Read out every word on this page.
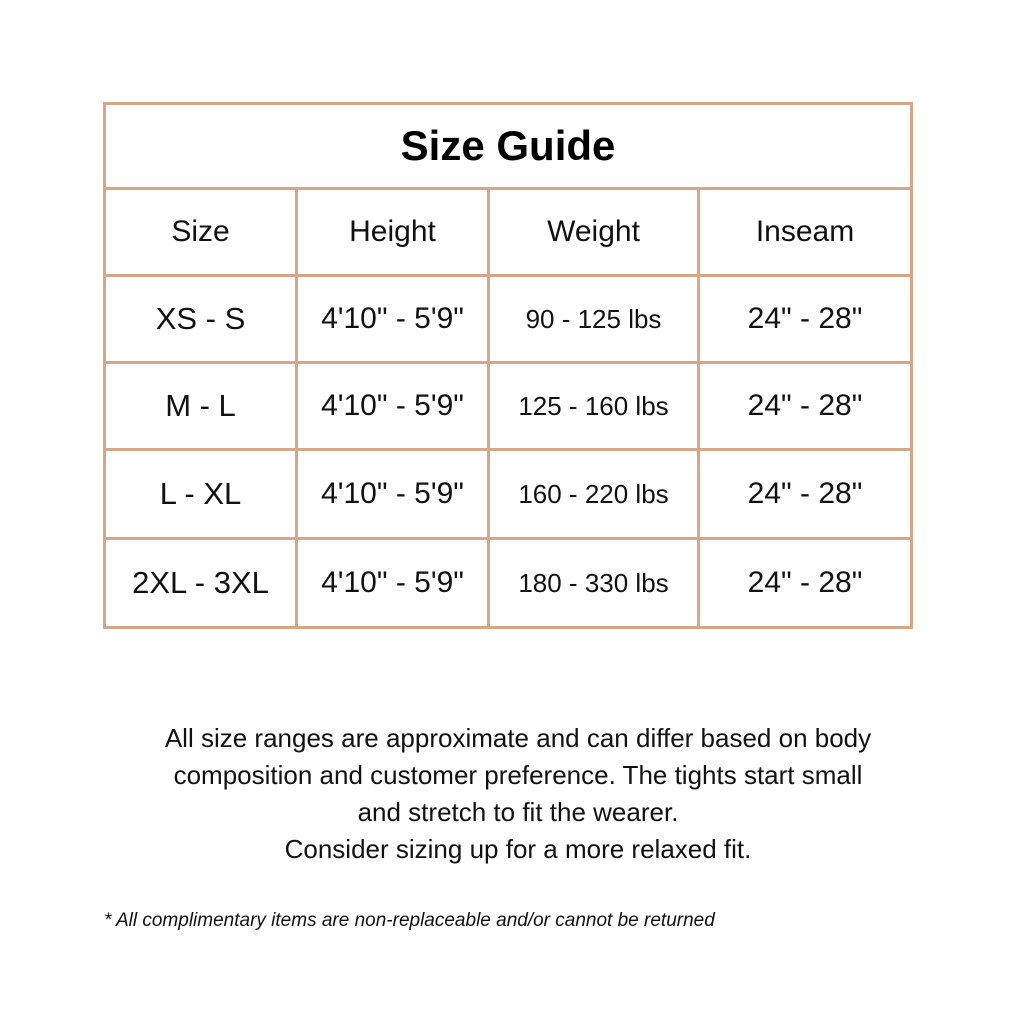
Size Guide			
Size	Height	Weight	Inseam
XS - S	4'10" - 5'9"	90 - 125 lbs	24" - 28"
M - L	4'10" - 5'9"	125 - 160 lbs	24" - 28"
L - XL	4'10" - 5'9"	160 - 220 lbs	24" - 28"
2XL - 3XL	4'10" - 5'9"	180 - 330 lbs	24" - 28"

All size ranges are approximate and can differ based on body

composition and customer preference. The tights start small

and stretch to fit the wearer.

Consider sizing up for a more relaxed fit.

* All complimentary items are non-replaceable and/or cannot be returned
